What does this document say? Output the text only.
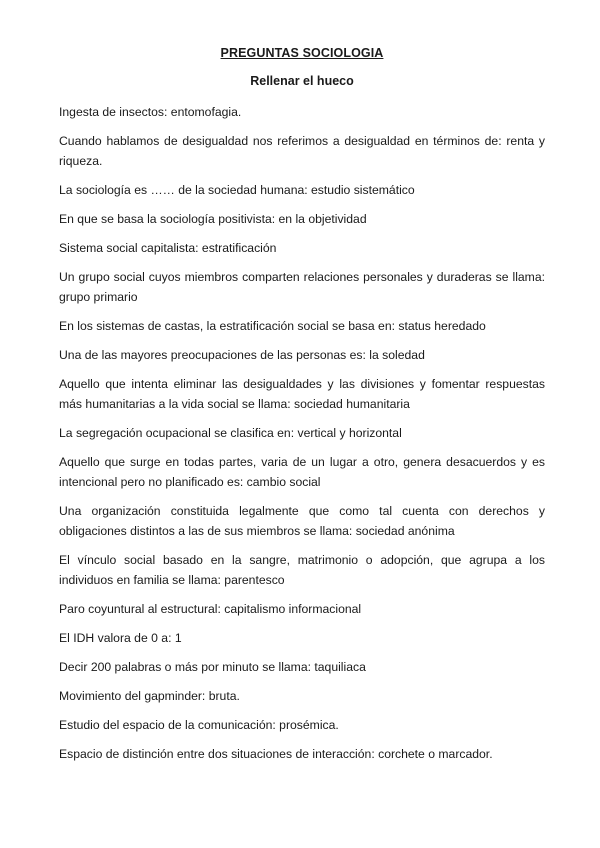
PREGUNTAS SOCIOLOGIA
Rellenar el hueco
Ingesta de insectos: entomofagia.
Cuando hablamos de desigualdad nos referimos a desigualdad en términos de: renta y riqueza.
La sociología es …… de la sociedad humana: estudio sistemático
En que se basa la sociología positivista: en la objetividad
Sistema social capitalista: estratificación
Un grupo social cuyos miembros comparten relaciones personales y duraderas se llama: grupo primario
En los sistemas de castas, la estratificación social se basa en: status heredado
Una de las mayores preocupaciones de las personas es: la soledad
Aquello que intenta eliminar las desigualdades y las divisiones y fomentar respuestas más humanitarias a la vida social se llama: sociedad humanitaria
La segregación ocupacional se clasifica en: vertical y horizontal
Aquello que surge en todas partes, varia de un lugar a otro, genera desacuerdos y es intencional pero no planificado es: cambio social
Una organización constituida legalmente que como tal cuenta con derechos y obligaciones distintos a las de sus miembros se llama: sociedad anónima
El vínculo social basado en la sangre, matrimonio o adopción, que agrupa a los individuos en familia se llama: parentesco
Paro coyuntural al estructural: capitalismo informacional
El IDH valora de 0 a: 1
Decir 200 palabras o más por minuto se llama: taquiliaca
Movimiento del gapminder: bruta.
Estudio del espacio de la comunicación: prosémica.
Espacio de distinción entre dos situaciones de interacción: corchete o marcador.
